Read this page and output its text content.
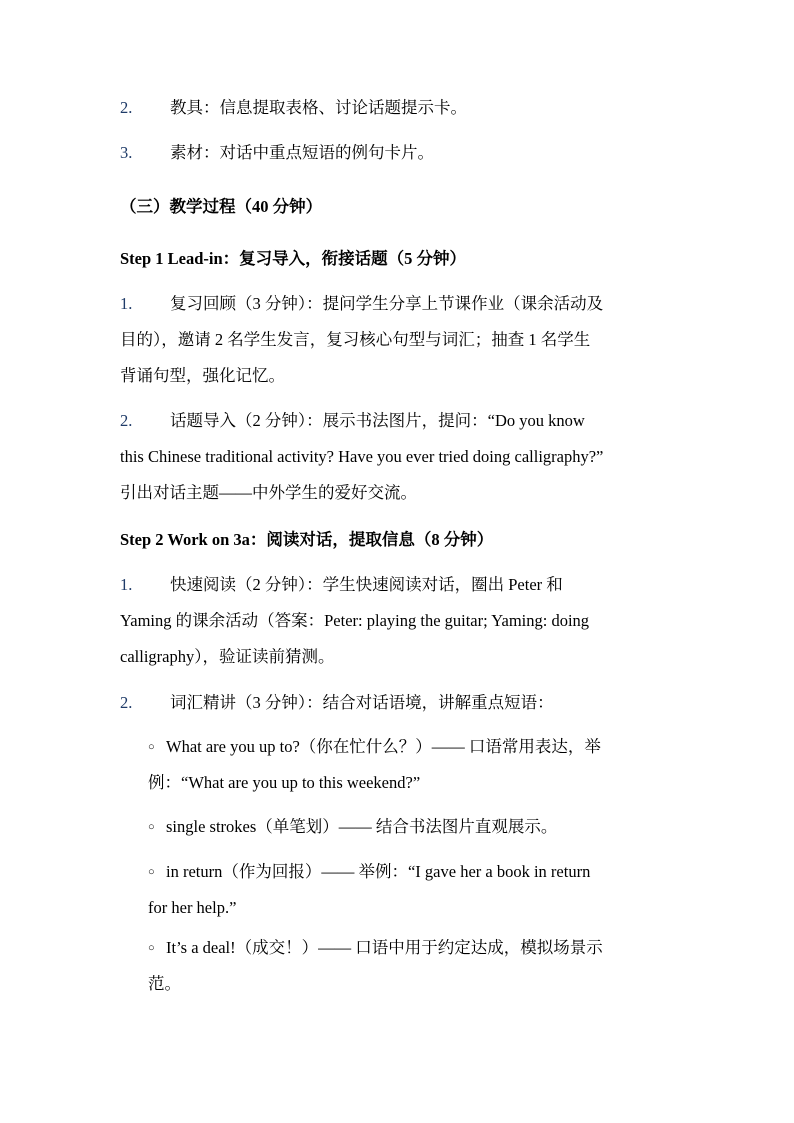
2. 教具：信息提取表格、讨论话题提示卡。
3. 素材：对话中重点短语的例句卡片。
（三）教学过程（40 分钟）
Step 1 Lead-in：复习导入，衔接话题（5 分钟）
1. 复习回顾（3 分钟）：提问学生分享上节课作业（课余活动及
目的），邀请 2 名学生发言，复习核心句型与词汇；抽查 1 名学生
背诵句型，强化记忆。
2. 话题导入（2 分钟）：展示书法图片，提问：“Do you know
this Chinese traditional activity? Have you ever tried doing calligraphy?”
引出对话主题——中外学生的爱好交流。
Step 2 Work on 3a：阅读对话，提取信息（8 分钟）
1. 快速阅读（2 分钟）：学生快速阅读对话，圈出 Peter 和
Yaming 的课余活动（答案：Peter: playing the guitar; Yaming: doing
calligraphy），验证读前猜测。
2. 词汇精讲（3 分钟）：结合对话语境，讲解重点短语：
○ What are you up to?（你在忙什么？）—— 口语常用表达，举
例：“What are you up to this weekend?”
○ single strokes（单笔划）—— 结合书法图片直观展示。
○ in return（作为回报）—— 举例：“I gave her a book in return
for her help.”
○ It’s a deal!（成交！）—— 口语中用于约定达成，模拟场景示
范。
